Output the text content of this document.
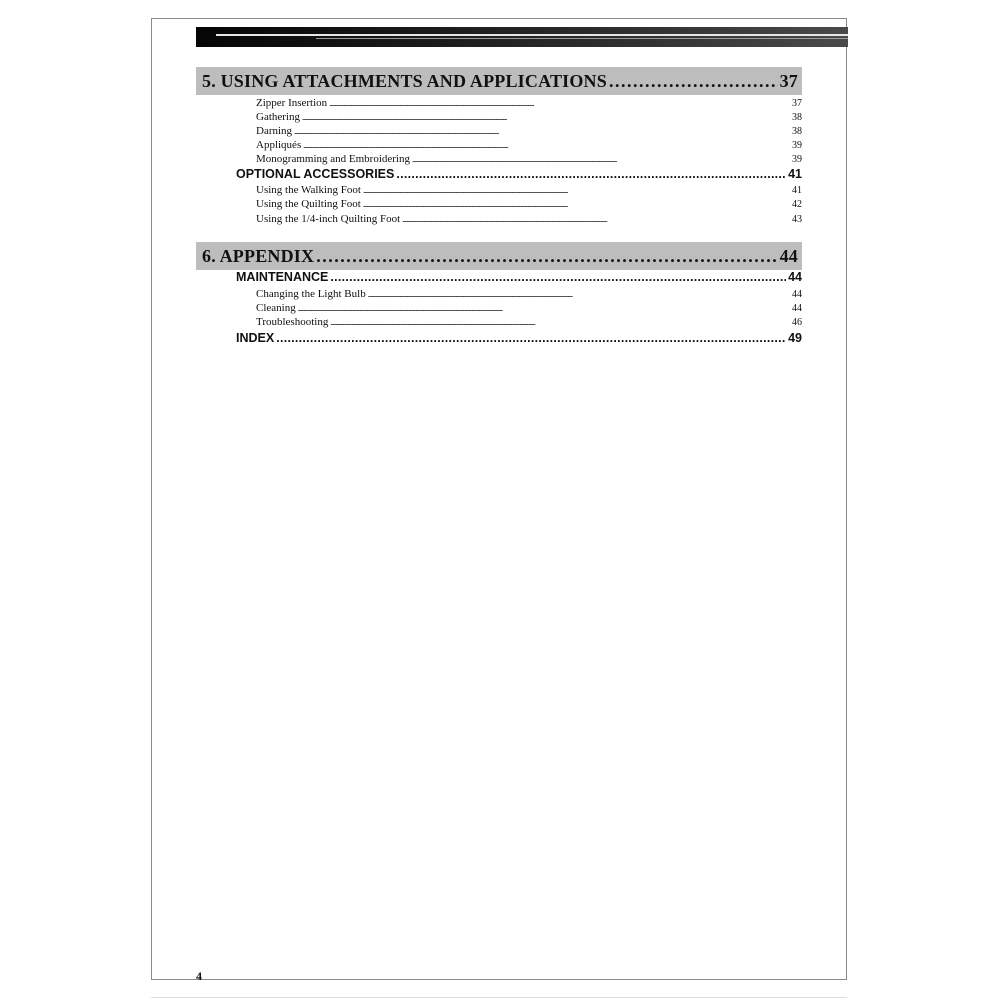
5. USING ATTACHMENTS AND APPLICATIONS . . .	37
Zipper Insertion . . .	37
Gathering . . .	38
Darning . . .	38
Appliqués . . .	39
Monogramming and Embroidering . . .	39
OPTIONAL ACCESSORIES . . .	41
Using the Walking Foot . . .	41
Using the Quilting Foot . . .	42
Using the 1/4-inch Quilting Foot . . .	43
6. APPENDIX . . .	44
MAINTENANCE . . .	44
Changing the Light Bulb . . .	44
Cleaning . . .	44
Troubleshooting . . .	46
INDEX . . .	49
4
